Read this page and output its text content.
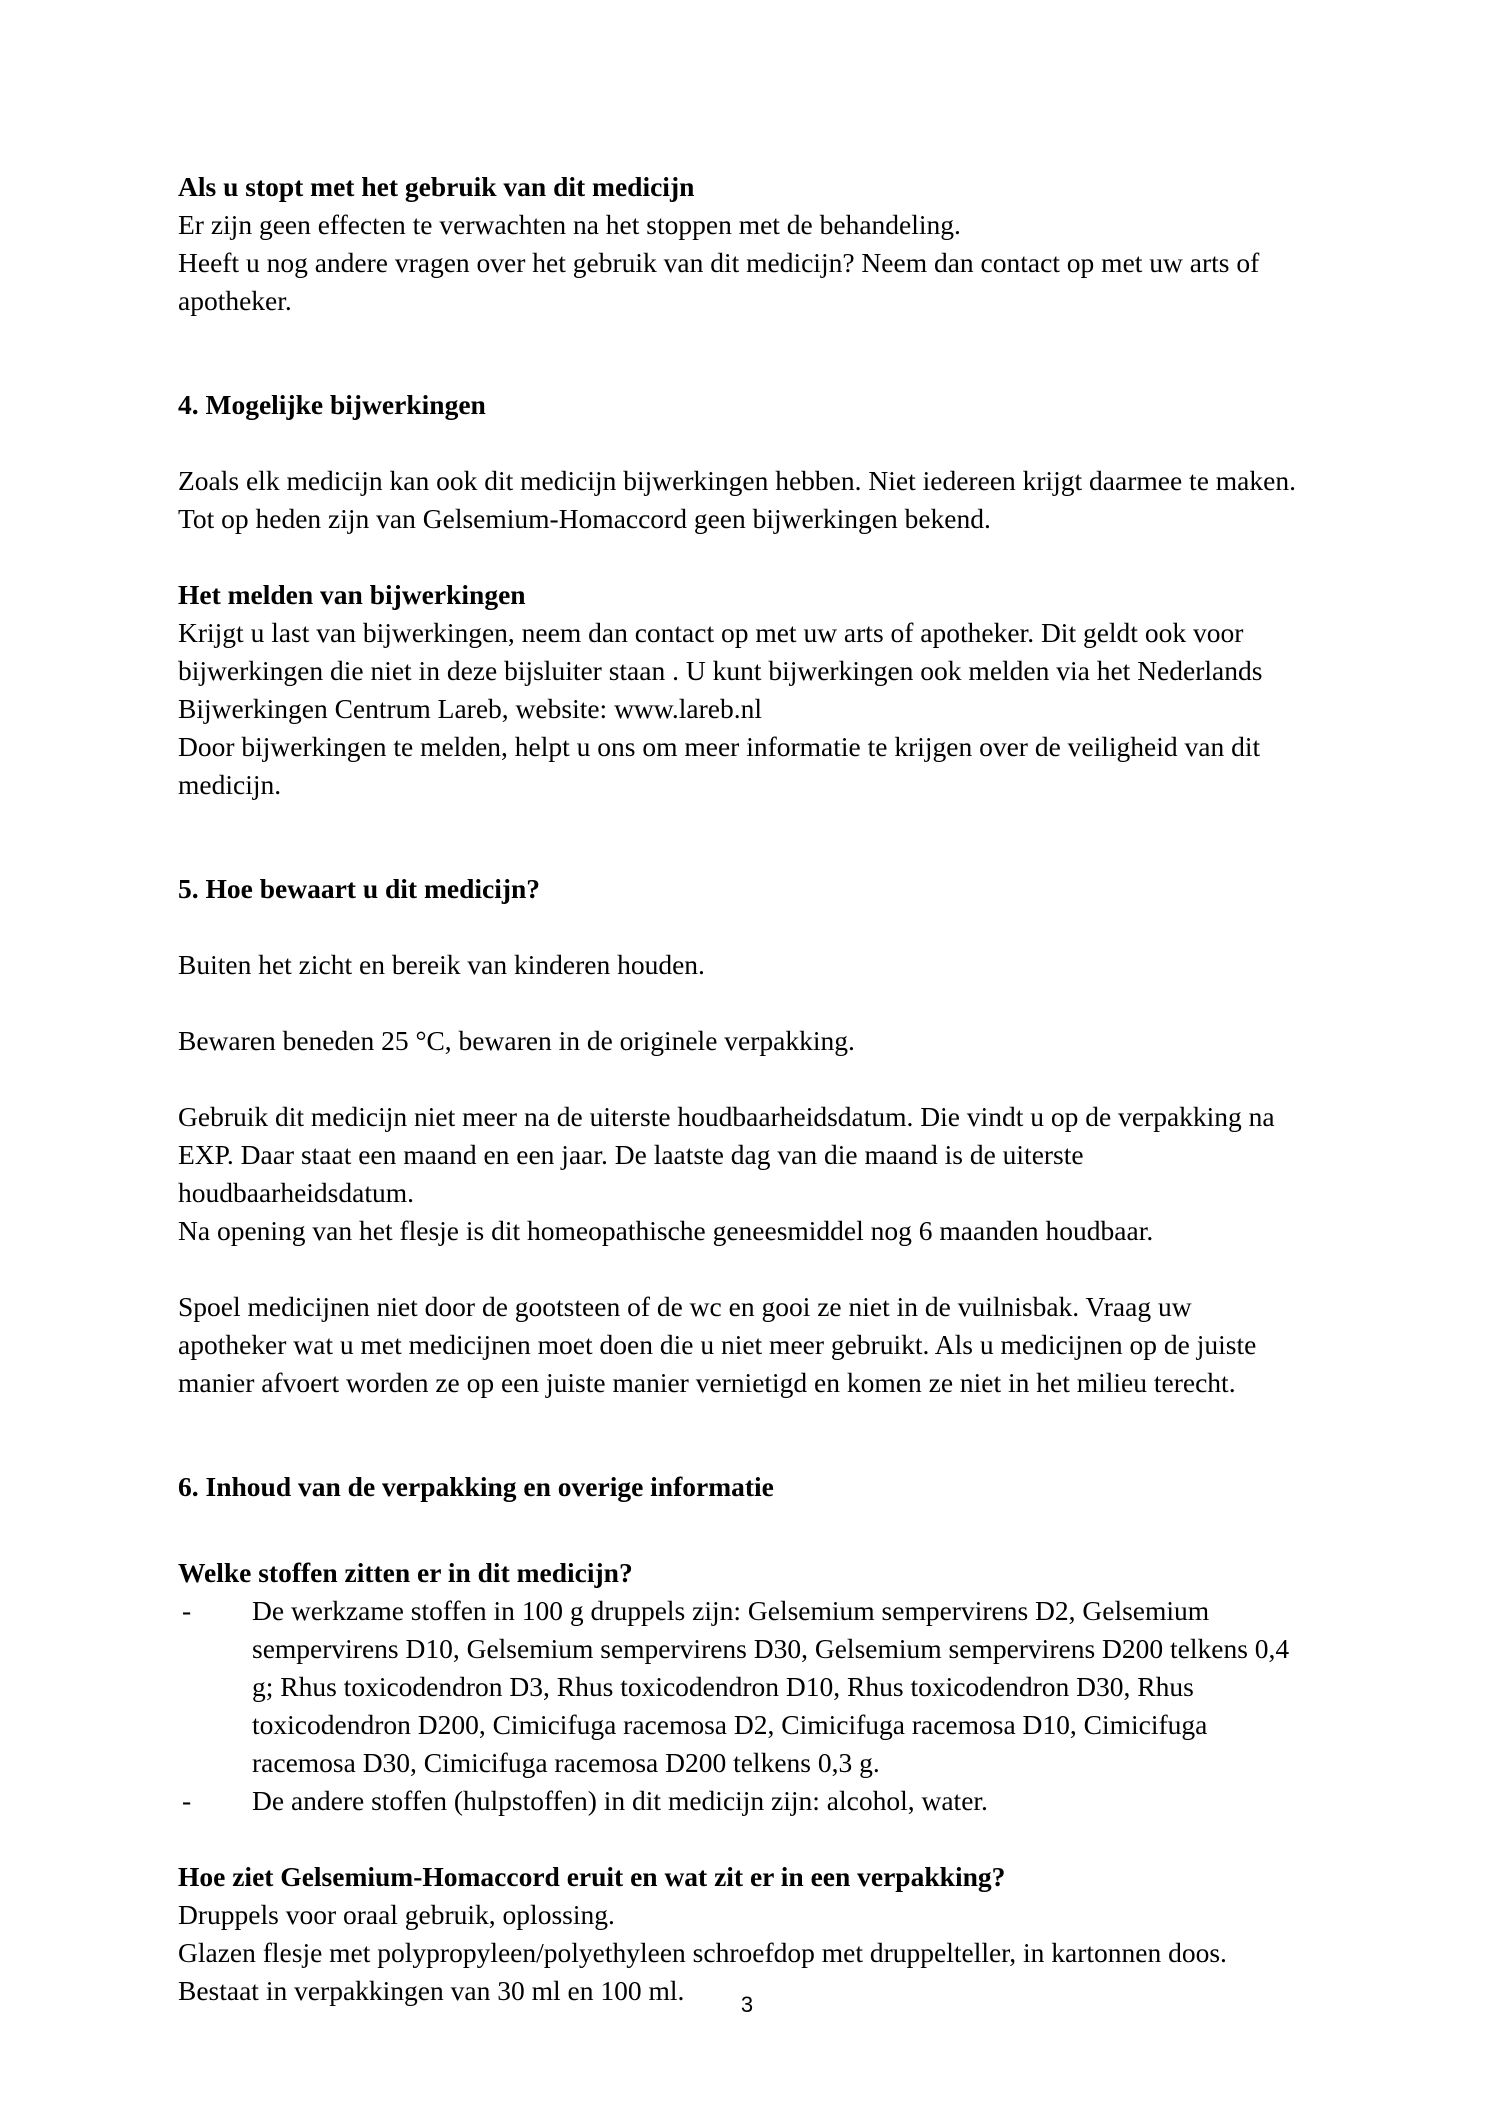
Als u stopt met het gebruik van dit medicijn
Er zijn geen effecten te verwachten na het stoppen met de behandeling.
Heeft u nog andere vragen over het gebruik van dit medicijn? Neem dan contact op met uw arts of apotheker.
4. Mogelijke bijwerkingen
Zoals elk medicijn kan ook dit medicijn bijwerkingen hebben. Niet iedereen krijgt daarmee te maken. Tot op heden zijn van Gelsemium-Homaccord geen bijwerkingen bekend.
Het melden van bijwerkingen
Krijgt u last van bijwerkingen, neem dan contact op met uw arts of apotheker. Dit geldt ook voor bijwerkingen die niet in deze bijsluiter staan . U kunt bijwerkingen ook melden via het Nederlands Bijwerkingen Centrum Lareb, website: www.lareb.nl
Door bijwerkingen te melden, helpt u ons om meer informatie te krijgen over de veiligheid van dit medicijn.
5. Hoe bewaart u dit medicijn?
Buiten het zicht en bereik van kinderen houden.
Bewaren beneden 25 °C, bewaren in de originele verpakking.
Gebruik dit medicijn niet meer na de uiterste houdbaarheidsdatum. Die vindt u op de verpakking na EXP. Daar staat een maand en een jaar. De laatste dag van die maand is de uiterste houdbaarheidsdatum.
Na opening van het flesje is dit homeopathische geneesmiddel nog 6 maanden houdbaar.
Spoel medicijnen niet door de gootsteen of de wc en gooi ze niet in de vuilnisbak. Vraag uw apotheker wat u met medicijnen moet doen die u niet meer gebruikt. Als u medicijnen op de juiste manier afvoert worden ze op een juiste manier vernietigd en komen ze niet in het milieu terecht.
6. Inhoud van de verpakking en overige informatie
Welke stoffen zitten er in dit medicijn?
- De werkzame stoffen in 100 g druppels zijn: Gelsemium sempervirens D2, Gelsemium sempervirens D10, Gelsemium sempervirens D30, Gelsemium sempervirens D200 telkens 0,4 g; Rhus toxicodendron D3, Rhus toxicodendron D10, Rhus toxicodendron D30, Rhus toxicodendron D200, Cimicifuga racemosa D2, Cimicifuga racemosa D10, Cimicifuga racemosa D30, Cimicifuga racemosa D200 telkens 0,3 g.
- De andere stoffen (hulpstoffen) in dit medicijn zijn: alcohol, water.
Hoe ziet Gelsemium-Homaccord eruit en wat zit er in een verpakking?
Druppels voor oraal gebruik, oplossing.
Glazen flesje met polypropyleen/polyethyleen schroefdop met druppelteller, in kartonnen doos.
Bestaat in verpakkingen van 30 ml en 100 ml.	3
